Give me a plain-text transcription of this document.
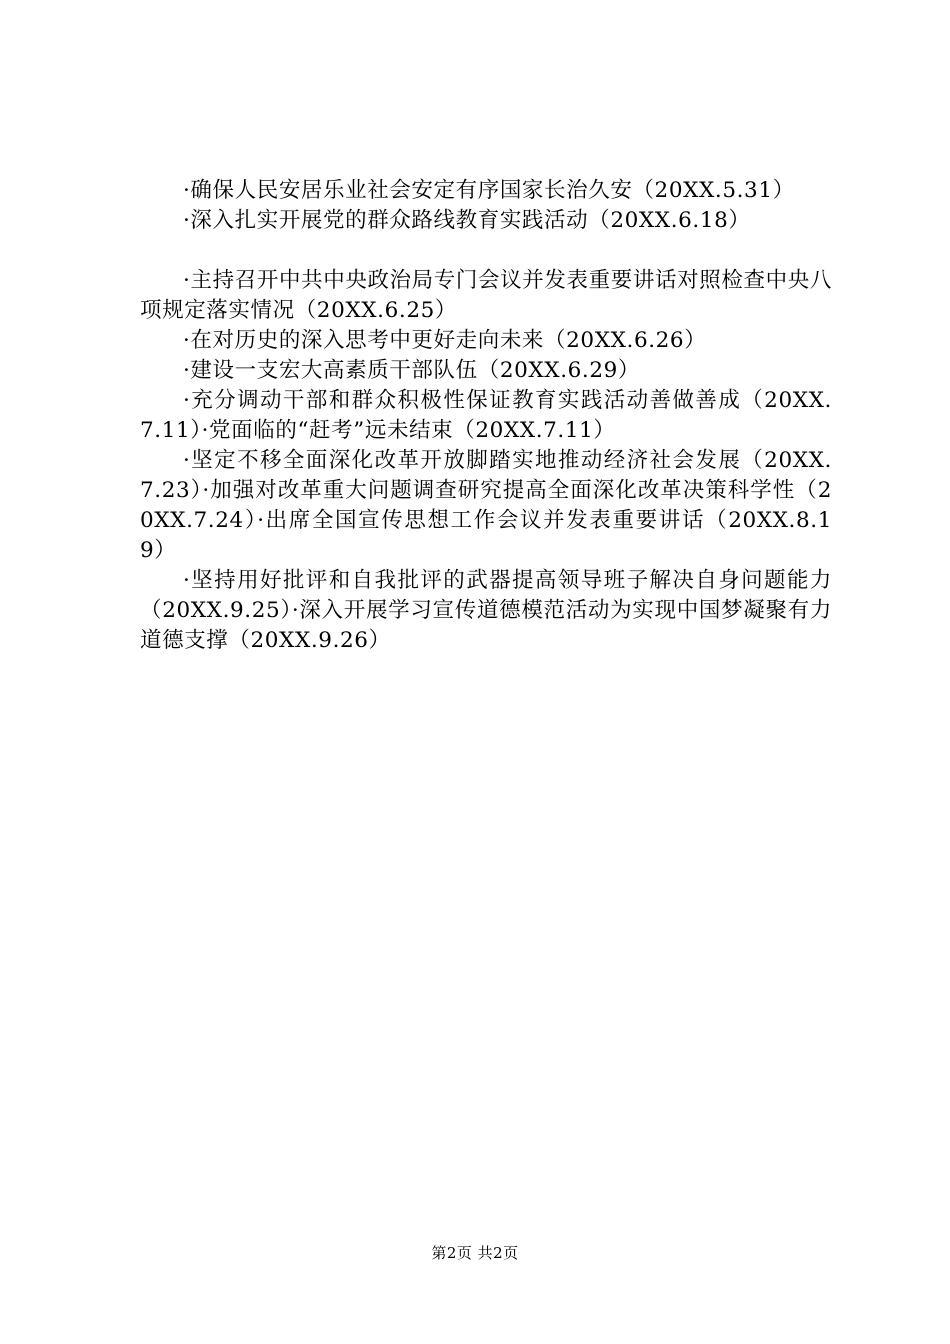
·确保人民安居乐业社会安定有序国家长治久安（20XX.5.31）

·深入扎实开展党的群众路线教育实践活动（20XX.6.18）

·主持召开中共中央政治局专门会议并发表重要讲话对照检查中央八项规定落实情况（20XX.6.25）

·在对历史的深入思考中更好走向未来（20XX.6.26）

·建设一支宏大高素质干部队伍（20XX.6.29）

·充分调动干部和群众积极性保证教育实践活动善做善成（20XX.7.11）·党面临的“赶考”远未结束（20XX.7.11）

·坚定不移全面深化改革开放脚踏实地推动经济社会发展（20XX.7.23）·加强对改革重大问题调查研究提高全面深化改革决策科学性（20XX.7.24）·出席全国宣传思想工作会议并发表重要讲话（20XX.8.19）

·坚持用好批评和自我批评的武器提高领导班子解决自身问题能力（20XX.9.25）·深入开展学习宣传道德模范活动为实现中国梦凝聚有力道德支撑（20XX.9.26）

第2页 共2页
